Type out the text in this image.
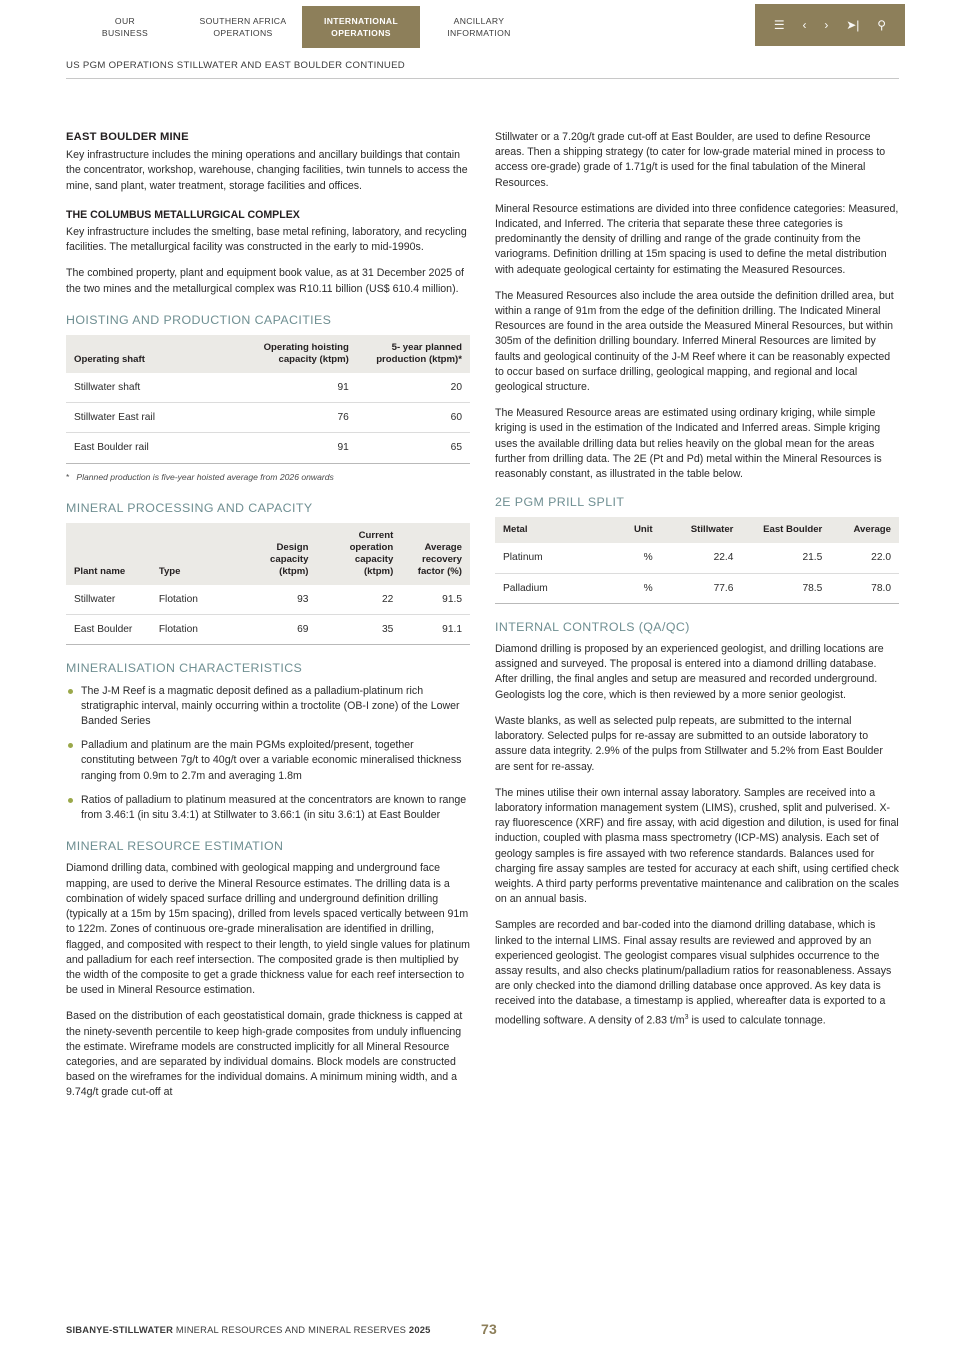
OUR
BUSINESS
SOUTHERN AFRICA
OPERATIONS
INTERNATIONAL
OPERATIONS
ANCILLARY
INFORMATION
☰ ‹ › ➤| ⚲
US PGM OPERATIONS STILLWATER AND EAST BOULDER CONTINUED
EAST BOULDER MINE

Key infrastructure includes the mining operations and ancillary buildings that contain the concentrator, workshop, warehouse, changing facilities, twin tunnels to access the mine, sand plant, water treatment, storage facilities and offices.

THE COLUMBUS METALLURGICAL COMPLEX

Key infrastructure includes the smelting, base metal refining, laboratory, and recycling facilities. The metallurgical facility was constructed in the early to mid-1990s.

The combined property, plant and equipment book value, as at 31 December 2025 of the two mines and the metallurgical complex was R10.11 billion (US$ 610.4 million).

HOISTING AND PRODUCTION CAPACITIES
Operating shaft	Operating hoisting capacity (ktpm)	5- year planned production (ktpm)*
Stillwater shaft	91	20
Stillwater East rail	76	60
East Boulder rail	91	65
* Planned production is five-year hoisted average from 2026 onwards
MINERAL PROCESSING AND CAPACITY
Plant name	Type	Design capacity (ktpm)	Current operation capacity (ktpm)	Average recovery factor (%)
Stillwater	Flotation	93	22	91.5
East Boulder	Flotation	69	35	91.1
MINERALISATION CHARACTERISTICS
The J-M Reef is a magmatic deposit defined as a palladium-platinum rich stratigraphic interval, mainly occurring within a troctolite (OB-I zone) of the Lower Banded Series
Palladium and platinum are the main PGMs exploited/present, together constituting between 7g/t to 40g/t over a variable economic mineralised thickness ranging from 0.9m to 2.7m and averaging 1.8m
Ratios of palladium to platinum measured at the concentrators are known to range from 3.46:1 (in situ 3.4:1) at Stillwater to 3.66:1 (in situ 3.6:1) at East Boulder
MINERAL RESOURCE ESTIMATION

Diamond drilling data, combined with geological mapping and underground face mapping, are used to derive the Mineral Resource estimates. The drilling data is a combination of widely spaced surface drilling and underground definition drilling (typically at a 15m by 15m spacing), drilled from levels spaced vertically between 91m to 122m. Zones of continuous ore-grade mineralisation are identified in drilling, flagged, and composited with respect to their length, to yield single values for platinum and palladium for each reef intersection. The composited grade is then multiplied by the width of the composite to get a grade thickness value for each reef intersection to be used in Mineral Resource estimation.

Based on the distribution of each geostatistical domain, grade thickness is capped at the ninety-seventh percentile to keep high-grade composites from unduly influencing the estimate. Wireframe models are constructed implicitly for all Mineral Resource categories, and are separated by individual domains. Block models are constructed based on the wireframes for the individual domains. A minimum mining width, and a 9.74g/t grade cut-off at

Stillwater or a 7.20g/t grade cut-off at East Boulder, are used to define Resource areas. Then a shipping strategy (to cater for low-grade material mined in process to access ore-grade) grade of 1.71g/t is used for the final tabulation of the Mineral Resources.

Mineral Resource estimations are divided into three confidence categories: Measured, Indicated, and Inferred. The criteria that separate these three categories is predominantly the density of drilling and range of the grade continuity from the variograms. Definition drilling at 15m spacing is used to define the metal distribution with adequate geological certainty for estimating the Measured Resources.

The Measured Resources also include the area outside the definition drilled area, but within a range of 91m from the edge of the definition drilling. The Indicated Mineral Resources are found in the area outside the Measured Mineral Resources, but within 305m of the definition drilling boundary. Inferred Mineral Resources are limited by faults and geological continuity of the J-M Reef where it can be reasonably expected to occur based on surface drilling, geological mapping, and regional and local geological structure.

The Measured Resource areas are estimated using ordinary kriging, while simple kriging is used in the estimation of the Indicated and Inferred areas. Simple kriging uses the available drilling data but relies heavily on the global mean for the areas further from drilling data. The 2E (Pt and Pd) metal within the Mineral Resources is reasonably constant, as illustrated in the table below.

2E PGM PRILL SPLIT
Metal	Unit	Stillwater	East Boulder	Average
Platinum	%	22.4	21.5	22.0
Palladium	%	77.6	78.5	78.0
INTERNAL CONTROLS (QA/QC)

Diamond drilling is proposed by an experienced geologist, and drilling locations are assigned and surveyed. The proposal is entered into a diamond drilling database. After drilling, the final angles and setup are measured and recorded underground. Geologists log the core, which is then reviewed by a more senior geologist.

Waste blanks, as well as selected pulp repeats, are submitted to the internal laboratory. Selected pulps for re-assay are submitted to an outside laboratory to assure data integrity. 2.9% of the pulps from Stillwater and 5.2% from East Boulder are sent for re-assay.

The mines utilise their own internal assay laboratory. Samples are received into a laboratory information management system (LIMS), crushed, split and pulverised. X-ray fluorescence (XRF) and fire assay, with acid digestion and dilution, is used for final induction, coupled with plasma mass spectrometry (ICP-MS) analysis. Each set of geology samples is fire assayed with two reference standards. Balances used for charging fire assay samples are tested for accuracy at each shift, using certified check weights. A third party performs preventative maintenance and calibration on the scales on an annual basis.

Samples are recorded and bar-coded into the diamond drilling database, which is linked to the internal LIMS. Final assay results are reviewed and approved by an experienced geologist. The geologist compares visual sulphides occurrence to the assay results, and also checks platinum/palladium ratios for reasonableness. Assays are only checked into the diamond drilling database once approved. As key data is received into the database, a timestamp is applied, whereafter data is exported to a modelling software. A density of 2.83 $t/m^3$ is used to calculate tonnage.

SIBANYE-STILLWATER MINERAL RESOURCES AND MINERAL RESERVES 2025	73
